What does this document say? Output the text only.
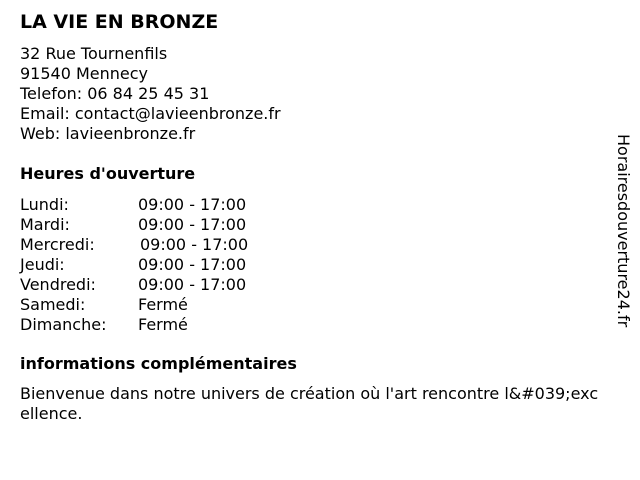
LA VIE EN BRONZE
32 Rue Tournenfils
91540 Mennecy
Telefon: 06 84 25 45 31
Email: contact@lavieenbronze.fr
Web: lavieenbronze.fr
Heures d'ouverture
Lundi:	09:00 - 17:00
Mardi:	09:00 - 17:00
Mercredi:	09:00 - 17:00
Jeudi:	09:00 - 17:00
Vendredi:	09:00 - 17:00
Samedi:	Fermé
Dimanche: Fermé
informations complémentaires
Bienvenue dans notre univers de création où l'art rencontre l&#039;excellence.
Horairesdouverture24.fr
